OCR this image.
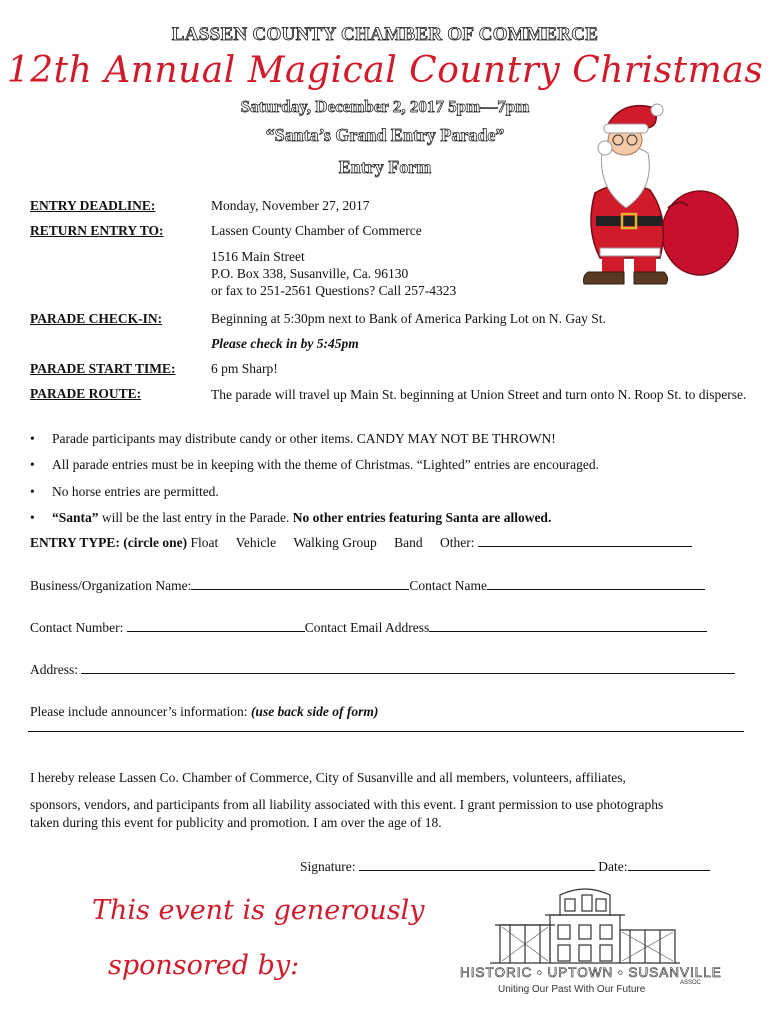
LASSEN COUNTY CHAMBER OF COMMERCE
12th Annual Magical Country Christmas
Saturday, December 2, 2017 5pm—7pm
“Santa’s Grand Entry Parade”
Entry Form
ENTRY DEADLINE:	Monday, November 27, 2017
RETURN ENTRY TO:	Lassen County Chamber of Commerce
1516 Main Street
P.O. Box 338, Susanville, Ca. 96130
or fax to 251-2561 Questions? Call 257-4323
PARADE CHECK-IN:	Beginning at 5:30pm next to Bank of America Parking Lot on N. Gay St.
Please check in by 5:45pm
PARADE START TIME:	6 pm Sharp!
PARADE ROUTE:	The parade will travel up Main St. beginning at Union Street and turn onto N. Roop St. to disperse.
• Parade participants may distribute candy or other items. CANDY MAY NOT BE THROWN!
• All parade entries must be in keeping with the theme of Christmas. “Lighted” entries are encouraged.
• No horse entries are permitted.
• “Santa” will be the last entry in the Parade. No other entries featuring Santa are allowed.
ENTRY TYPE: (circle one) Float Vehicle Walking Group Band Other:
Business/Organization Name:	Contact Name
Contact Number:	Contact Email Address
Address:
Please include announcer’s information: (use back side of form)
I hereby release Lassen Co. Chamber of Commerce, City of Susanville and all members, volunteers, affiliates,
sponsors, vendors, and participants from all liability associated with this event. I grant permission to use photographs
taken during this event for publicity and promotion. I am over the age of 18.
Signature:	Date:
This event is generously
sponsored by:	HISTORIC • UPTOWN • SUSANVILLE
Uniting Our Past With Our Future
ASSOC
